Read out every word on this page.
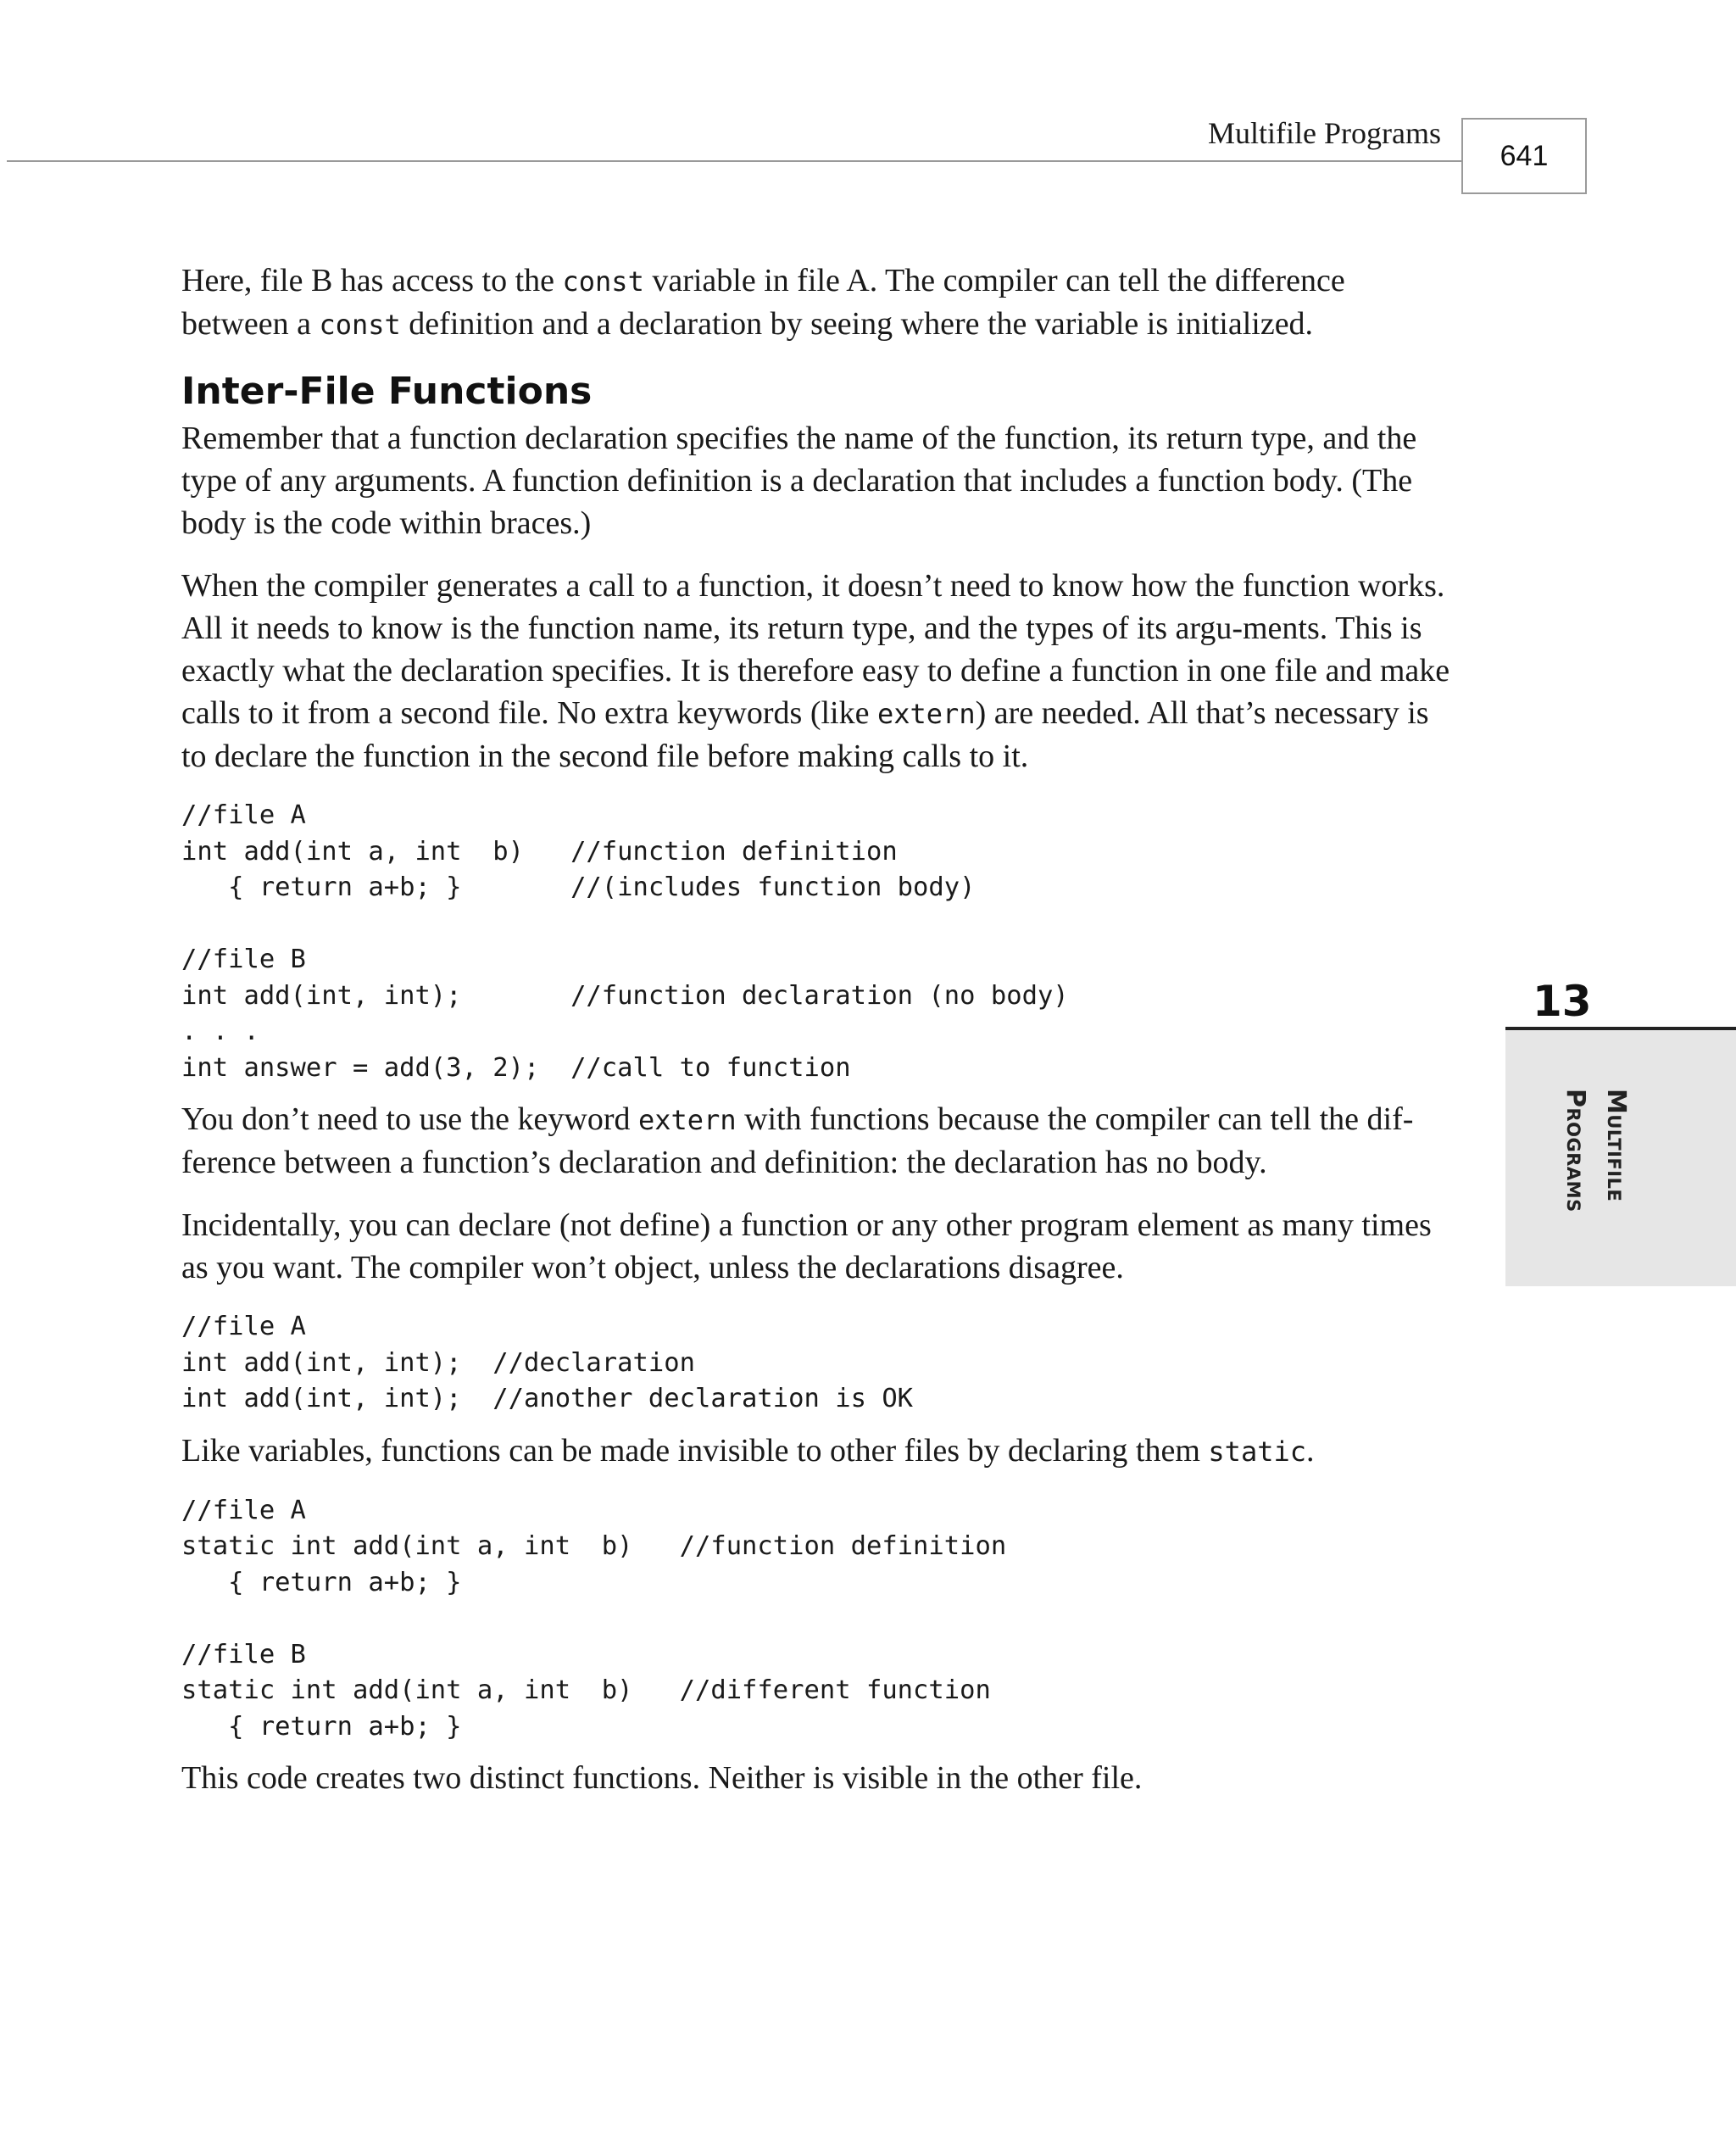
Multifile Programs
641
13
Multifile
Programs

Here, file B has access to the const variable in file A. The compiler can tell the difference between a const definition and a declaration by seeing where the variable is initialized.

Inter-File Functions

Remember that a function declaration specifies the name of the function, its return type, and the type of any arguments. A function definition is a declaration that includes a function body. (The body is the code within braces.)

When the compiler generates a call to a function, it doesn’t need to know how the function works. All it needs to know is the function name, its return type, and the types of its argu-ments. This is exactly what the declaration specifies. It is therefore easy to define a function in one file and make calls to it from a second file. No extra keywords (like extern) are needed. All that’s necessary is to declare the function in the second file before making calls to it.

//file A
int add(int a, int  b)   //function definition
{ return a+b; }       //(includes function body)
//file B
int add(int, int);       //function declaration (no body)
. . .
int answer = add(3, 2);  //call to function

You don’t need to use the keyword extern with functions because the compiler can tell the dif-ference between a function’s declaration and definition: the declaration has no body.

Incidentally, you can declare (not define) a function or any other program element as many times as you want. The compiler won’t object, unless the declarations disagree.

//file A
int add(int, int);  //declaration
int add(int, int);  //another declaration is OK

Like variables, functions can be made invisible to other files by declaring them static.

//file A
static int add(int a, int  b)   //function definition
{ return a+b; }
//file B
static int add(int a, int  b)   //different function
{ return a+b; }

This code creates two distinct functions. Neither is visible in the other file.
